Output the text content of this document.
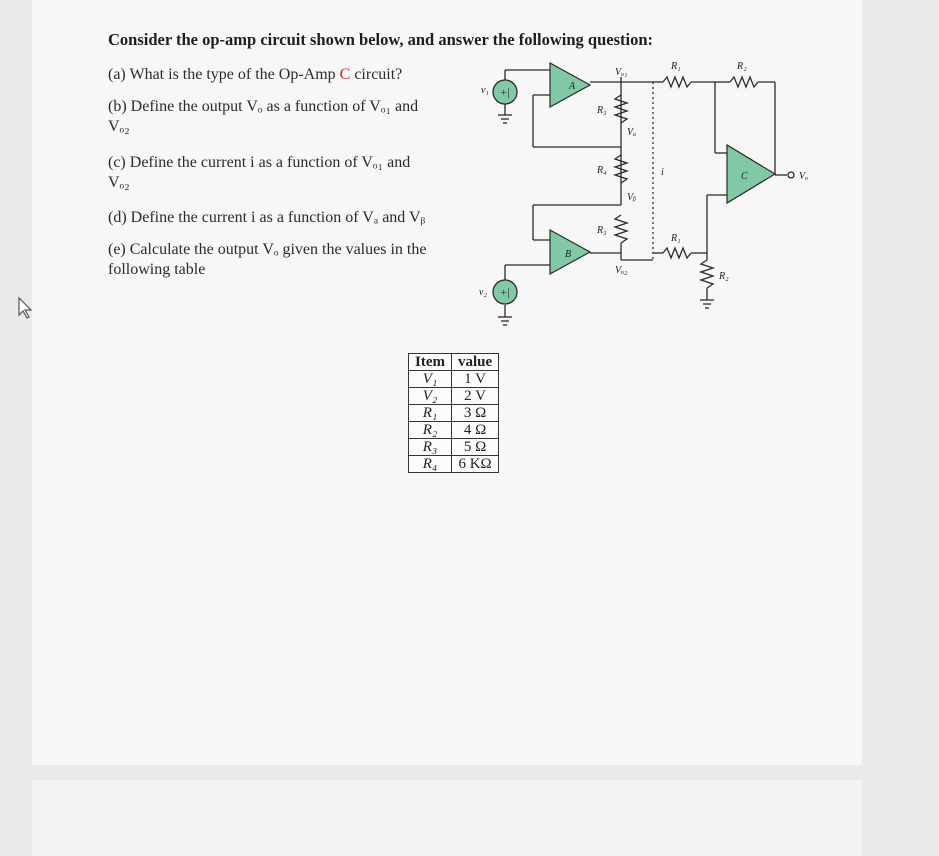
Consider the op-amp circuit shown below, and answer the following question:
(a) What is the type of the Op-Amp C circuit?
(b) Define the output Vₒ as a function of Vₒ₁ and
Vₒ₂
(c) Define the current i as a function of Vₒ₁ and
Vₒ₂
(d) Define the current i as a function of Vₐ and Vᵦ
(e) Calculate the output Vₒ given the values in the
following table
+|
+|
A
B
C
v₁
v₂
Vₒ₁
Vₐ
Vᵦ
Vₒ₂
R₁	R₂
R₃
R₄
R₃
R₁
R₂
i	Vₒ
Item	value
V₁	1 V
V₂	2 V
R₁	3 Ω
R₂	4 Ω
R₃	5 Ω
R₄	6 KΩ
